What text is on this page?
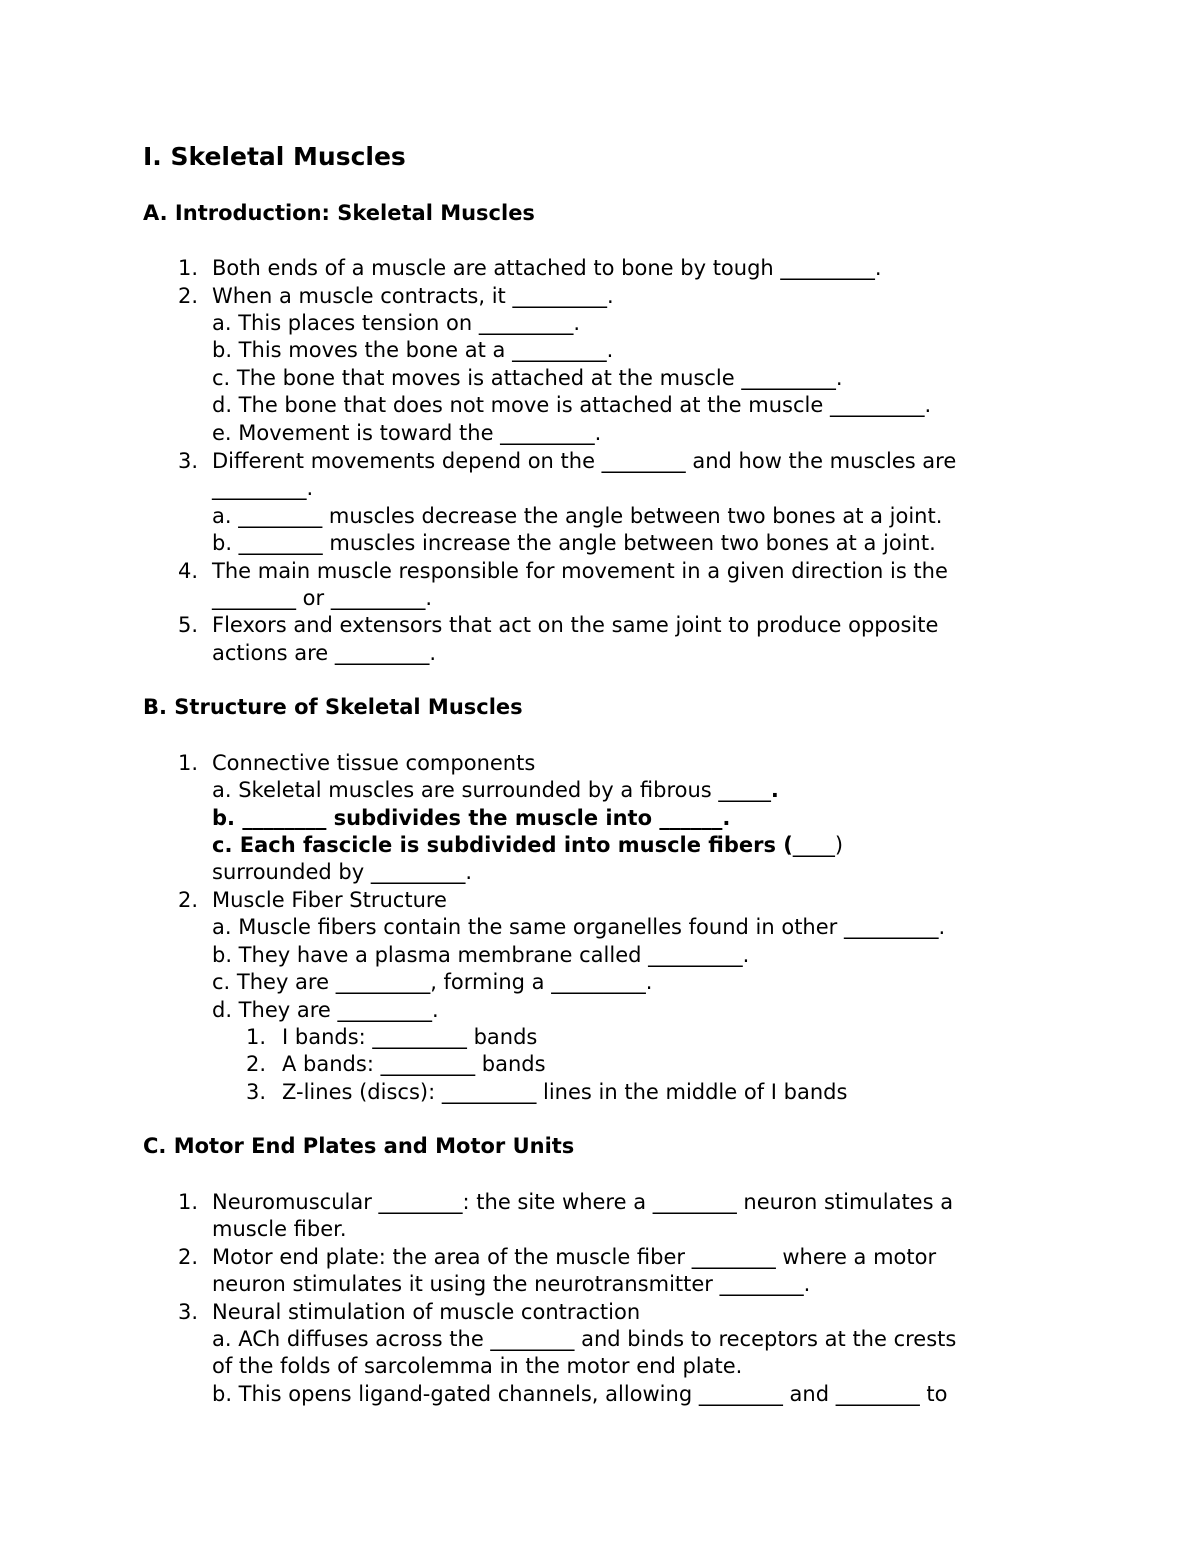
I. Skeletal Muscles
A. Introduction: Skeletal Muscles
1. Both ends of a muscle are attached to bone by tough _________.
2. When a muscle contracts, it _________.
a. This places tension on _________.
b. This moves the bone at a _________.
c. The bone that moves is attached at the muscle _________.
d. The bone that does not move is attached at the muscle _________.
e. Movement is toward the _________.
3. Different movements depend on the ________ and how the muscles are
_________.
a. ________ muscles decrease the angle between two bones at a joint.
b. ________ muscles increase the angle between two bones at a joint.
4. The main muscle responsible for movement in a given direction is the
________ or _________.
5. Flexors and extensors that act on the same joint to produce opposite
actions are _________.
B. Structure of Skeletal Muscles
1. Connective tissue components
a. Skeletal muscles are surrounded by a fibrous _____.
b. ________ subdivides the muscle into ______.
c. Each fascicle is subdivided into muscle fibers (____)
surrounded by _________.
2. Muscle Fiber Structure
a. Muscle fibers contain the same organelles found in other _________.
b. They have a plasma membrane called _________.
c. They are _________, forming a _________.
d. They are _________.
1. I bands: _________ bands
2. A bands: _________ bands
3. Z-lines (discs): _________ lines in the middle of I bands
C. Motor End Plates and Motor Units
1. Neuromuscular ________: the site where a ________ neuron stimulates a
muscle fiber.
2. Motor end plate: the area of the muscle fiber ________ where a motor
neuron stimulates it using the neurotransmitter ________.
3. Neural stimulation of muscle contraction
a. ACh diffuses across the ________ and binds to receptors at the crests
of the folds of sarcolemma in the motor end plate.
b. This opens ligand-gated channels, allowing ________ and ________ to
